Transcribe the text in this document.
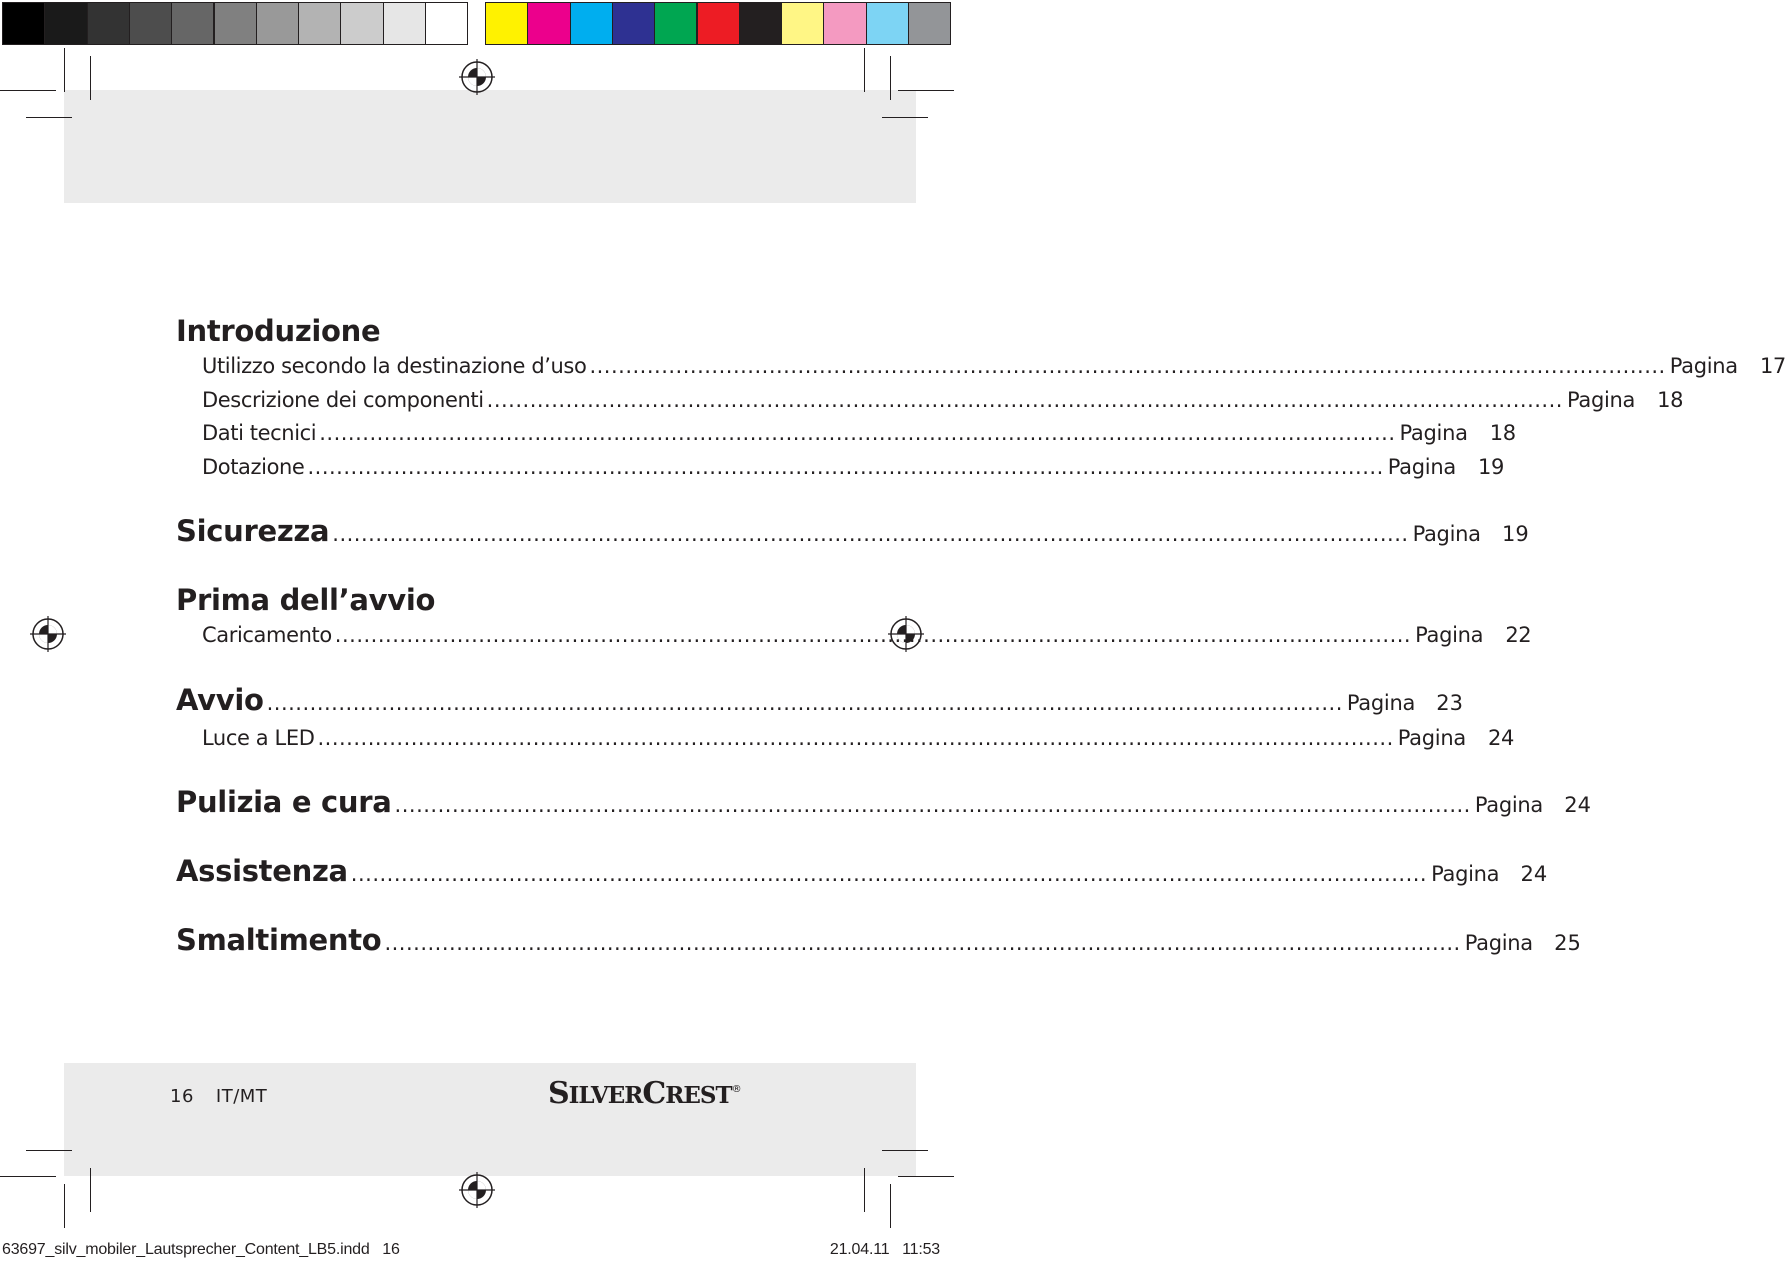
Introduzione
Utilizzo secondo la destinazione d’uso ...................................................................................................................................................... Pagina	17
Descrizione dei componenti ...................................................................................................................................................... Pagina	18
Dati tecnici ...................................................................................................................................................... Pagina	18
Dotazione ...................................................................................................................................................... Pagina	19
Sicurezza ...................................................................................................................................................... Pagina	19
Prima dell’avvio
Caricamento ...................................................................................................................................................... Pagina	22
Avvio ...................................................................................................................................................... Pagina	23
Luce a LED ...................................................................................................................................................... Pagina	24
Pulizia e cura ...................................................................................................................................................... Pagina	24
Assistenza ...................................................................................................................................................... Pagina	24
Smaltimento ...................................................................................................................................................... Pagina	25
16 IT/MT	SILVERCREST®
63697_silv_mobiler_Lautsprecher_Content_LB5.indd   16	21.04.11   11:53
